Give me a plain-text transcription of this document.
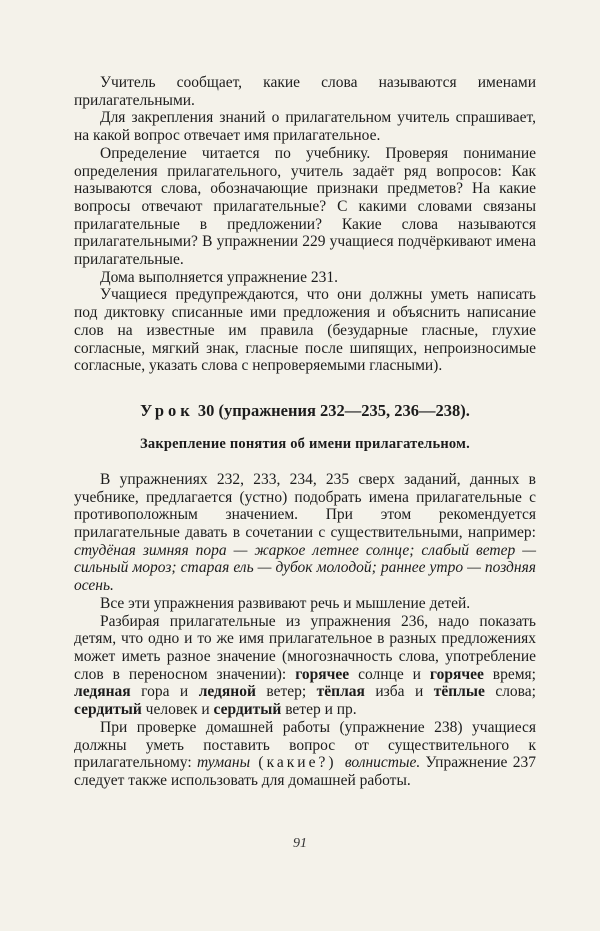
Учитель сообщает, какие слова называются именами прилагательными.

Для закрепления знаний о прилагательном учитель спрашивает, на какой вопрос отвечает имя прилагательное.

Определение читается по учебнику. Проверяя понимание определения прилагательного, учитель задаёт ряд вопросов: Как называются слова, обозначающие признаки предметов? На какие вопросы отвечают прилагательные? С какими словами связаны прилагательные в предложении? Какие слова называются прилагательными? В упражнении 229 учащиеся подчёркивают имена прилагательные.

Дома выполняется упражнение 231.

Учащиеся предупреждаются, что они должны уметь написать под диктовку списанные ими предложения и объяснить написание слов на известные им правила (безударные гласные, глухие согласные, мягкий знак, гласные после шипящих, непроизносимые согласные, указать слова с непроверяемыми гласными).

Урок 30 (упражнения 232—235, 236—238).
Закрепление понятия об имени прилагательном.

В упражнениях 232, 233, 234, 235 сверх заданий, данных в учебнике, предлагается (устно) подобрать имена прилагательные с противоположным значением. При этом рекомендуется прилагательные давать в сочетании с существительными, например: студёная зимняя пора — жаркое летнее солнце; слабый ветер — сильный мороз; старая ель — дубок молодой; раннее утро — поздняя осень.

Все эти упражнения развивают речь и мышление детей.

Разбирая прилагательные из упражнения 236, надо показать детям, что одно и то же имя прилагательное в разных предложениях может иметь разное значение (многозначность слова, употребление слов в переносном значении): горячее солнце и горячее время; ледяная гора и ледяной ветер; тёплая изба и тёплые слова; сердитый человек и сердитый ветер и пр.

При проверке домашней работы (упражнение 238) учащиеся должны уметь поставить вопрос от существительного к прилагательному: туманы (какие?) волнистые. Упражнение 237 следует также использовать для домашней работы.

91
